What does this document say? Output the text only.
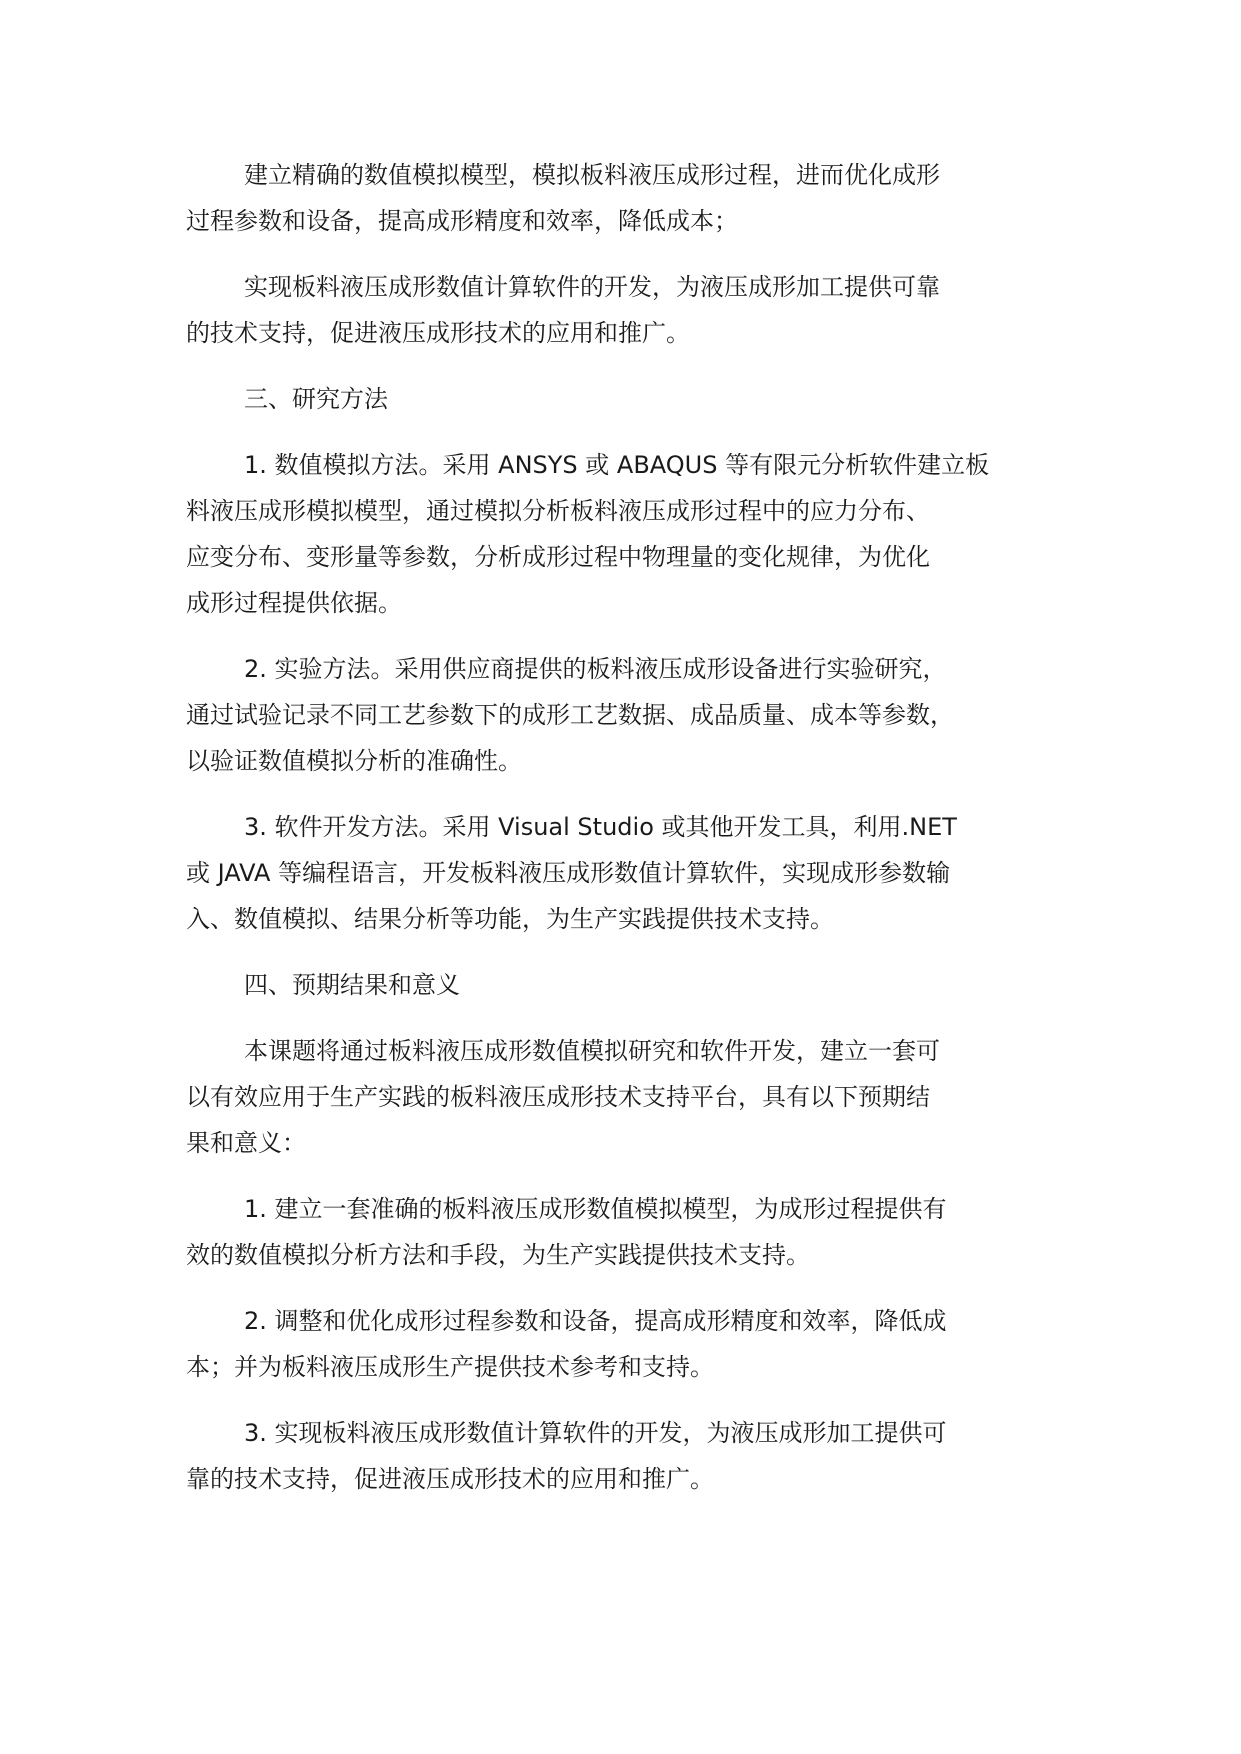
建立精确的数值模拟模型，模拟板料液压成形过程，进而优化成形
过程参数和设备，提高成形精度和效率，降低成本；
实现板料液压成形数值计算软件的开发，为液压成形加工提供可靠
的技术支持，促进液压成形技术的应用和推广。
三、研究方法
1. 数值模拟方法。采用 ANSYS 或 ABAQUS 等有限元分析软件建立板
料液压成形模拟模型，通过模拟分析板料液压成形过程中的应力分布、
应变分布、变形量等参数，分析成形过程中物理量的变化规律，为优化
成形过程提供依据。
2. 实验方法。采用供应商提供的板料液压成形设备进行实验研究，
通过试验记录不同工艺参数下的成形工艺数据、成品质量、成本等参数，
以验证数值模拟分析的准确性。
3. 软件开发方法。采用 Visual Studio 或其他开发工具，利用.NET
或 JAVA 等编程语言，开发板料液压成形数值计算软件，实现成形参数输
入、数值模拟、结果分析等功能，为生产实践提供技术支持。
四、预期结果和意义
本课题将通过板料液压成形数值模拟研究和软件开发，建立一套可
以有效应用于生产实践的板料液压成形技术支持平台，具有以下预期结
果和意义：
1. 建立一套准确的板料液压成形数值模拟模型，为成形过程提供有
效的数值模拟分析方法和手段，为生产实践提供技术支持。
2. 调整和优化成形过程参数和设备，提高成形精度和效率，降低成
本；并为板料液压成形生产提供技术参考和支持。
3. 实现板料液压成形数值计算软件的开发，为液压成形加工提供可
靠的技术支持，促进液压成形技术的应用和推广。
